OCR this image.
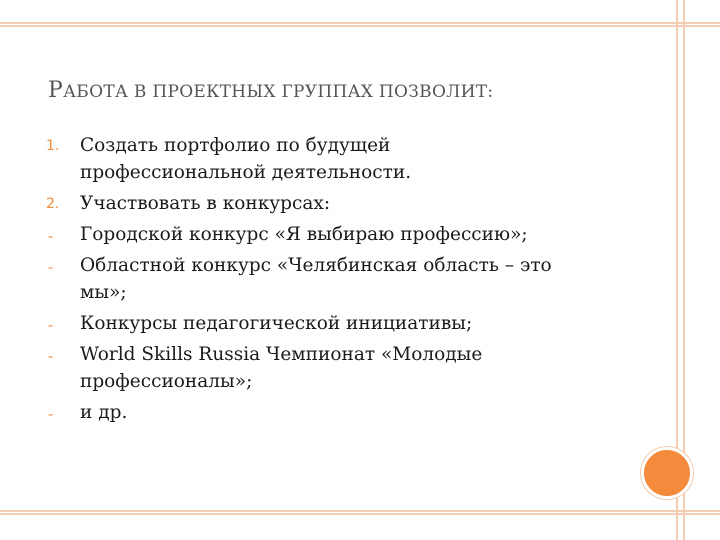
РАБОТА В ПРОЕКТНЫХ ГРУППАХ ПОЗВОЛИТ:
1. Создать портфолио по будущей профессиональной деятельности.
2. Участвовать в конкурсах:
- Городской конкурс «Я выбираю профессию»;
- Областной конкурс «Челябинская область – это мы»;
- Конкурсы педагогической инициативы;
- World Skills Russia Чемпионат «Молодые профессионалы»;
- и др.
